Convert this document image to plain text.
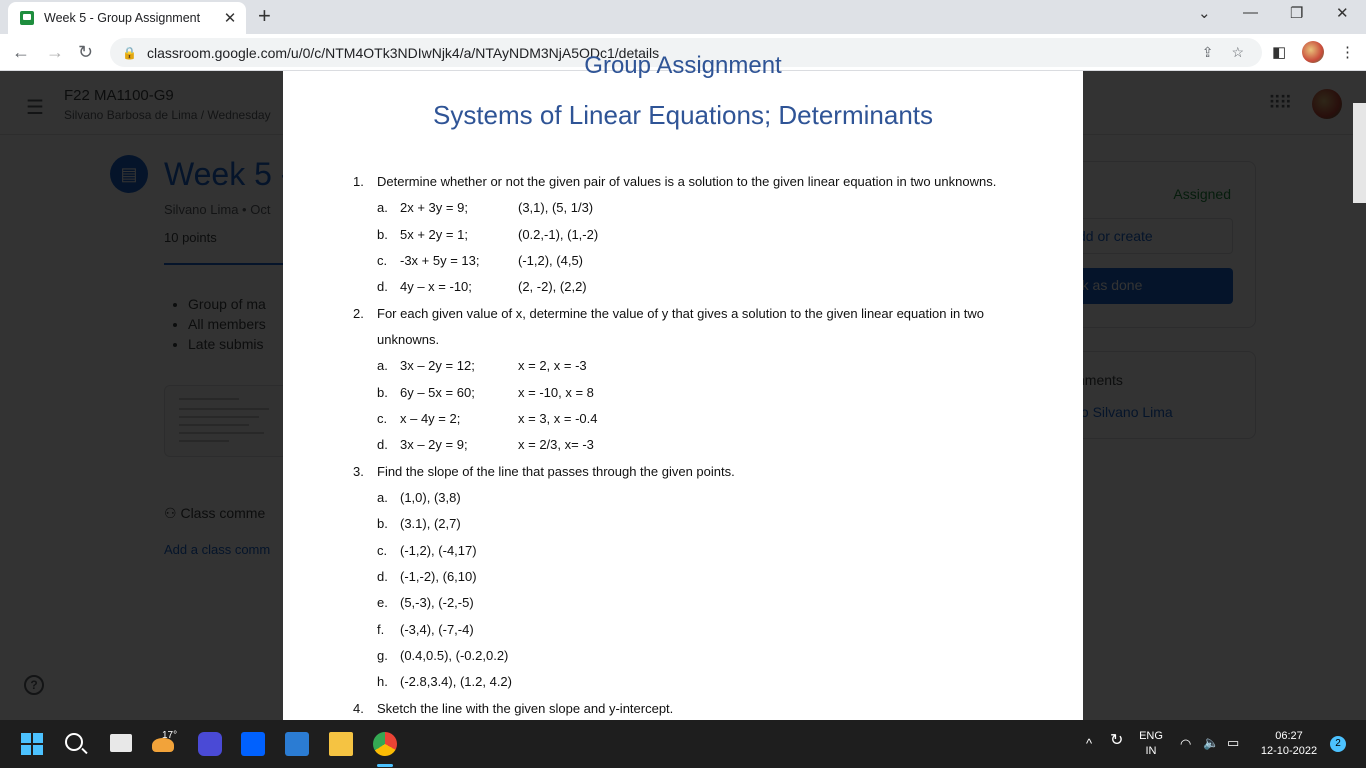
Week 5 - Group Assignment	✕ +	⌄ — ❐ ✕
← → ↻ 🔒 classroom.google.com/u/0/c/NTM4OTk3NDIwNjk4/a/NTAyNDM3NjA5ODc1/details	⇪ ☆ ◧	⋮
•
•
•
Group Assignment
Systems of Linear Equations; Determinants
1. Determine whether or not the given pair of values is a solution to the given linear equation in two unknowns.
a. 2x + 3y = 9;	(3,1), (5, 1/3)
b. 5x + 2y = 1;	(0.2,-1), (1,-2)
c. -3x + 5y = 13;	(-1,2), (4,5)
d. 4y – x = -10;	(2, -2), (2,2)
2. For each given value of x, determine the value of y that gives a solution to the given linear equation in two
unknowns.
a. 3x – 2y = 12;	x = 2, x = -3
b. 6y – 5x = 60;	x = -10, x = 8
c. x – 4y = 2;	x = 3, x = -0.4
d. 3x – 2y = 9;	x = 2/3, x= -3
3. Find the slope of the line that passes through the given points.
a. (1,0), (3,8)
b. (3.1), (2,7)
c. (-1,2), (-4,17)
d. (-1,-2), (6,10)
e. (5,-3), (-2,-5)
f. (-3,4), (-7,-4)
g. (0.4,0.5), (-0.2,0.2)
h. (-2.8,3.4), (1.2, 4.2)
4. Sketch the line with the given slope and y-intercept.
17°
^ ↻ ENG
IN	◠ 🔈 ▭	06:27
12-10-2022
2
